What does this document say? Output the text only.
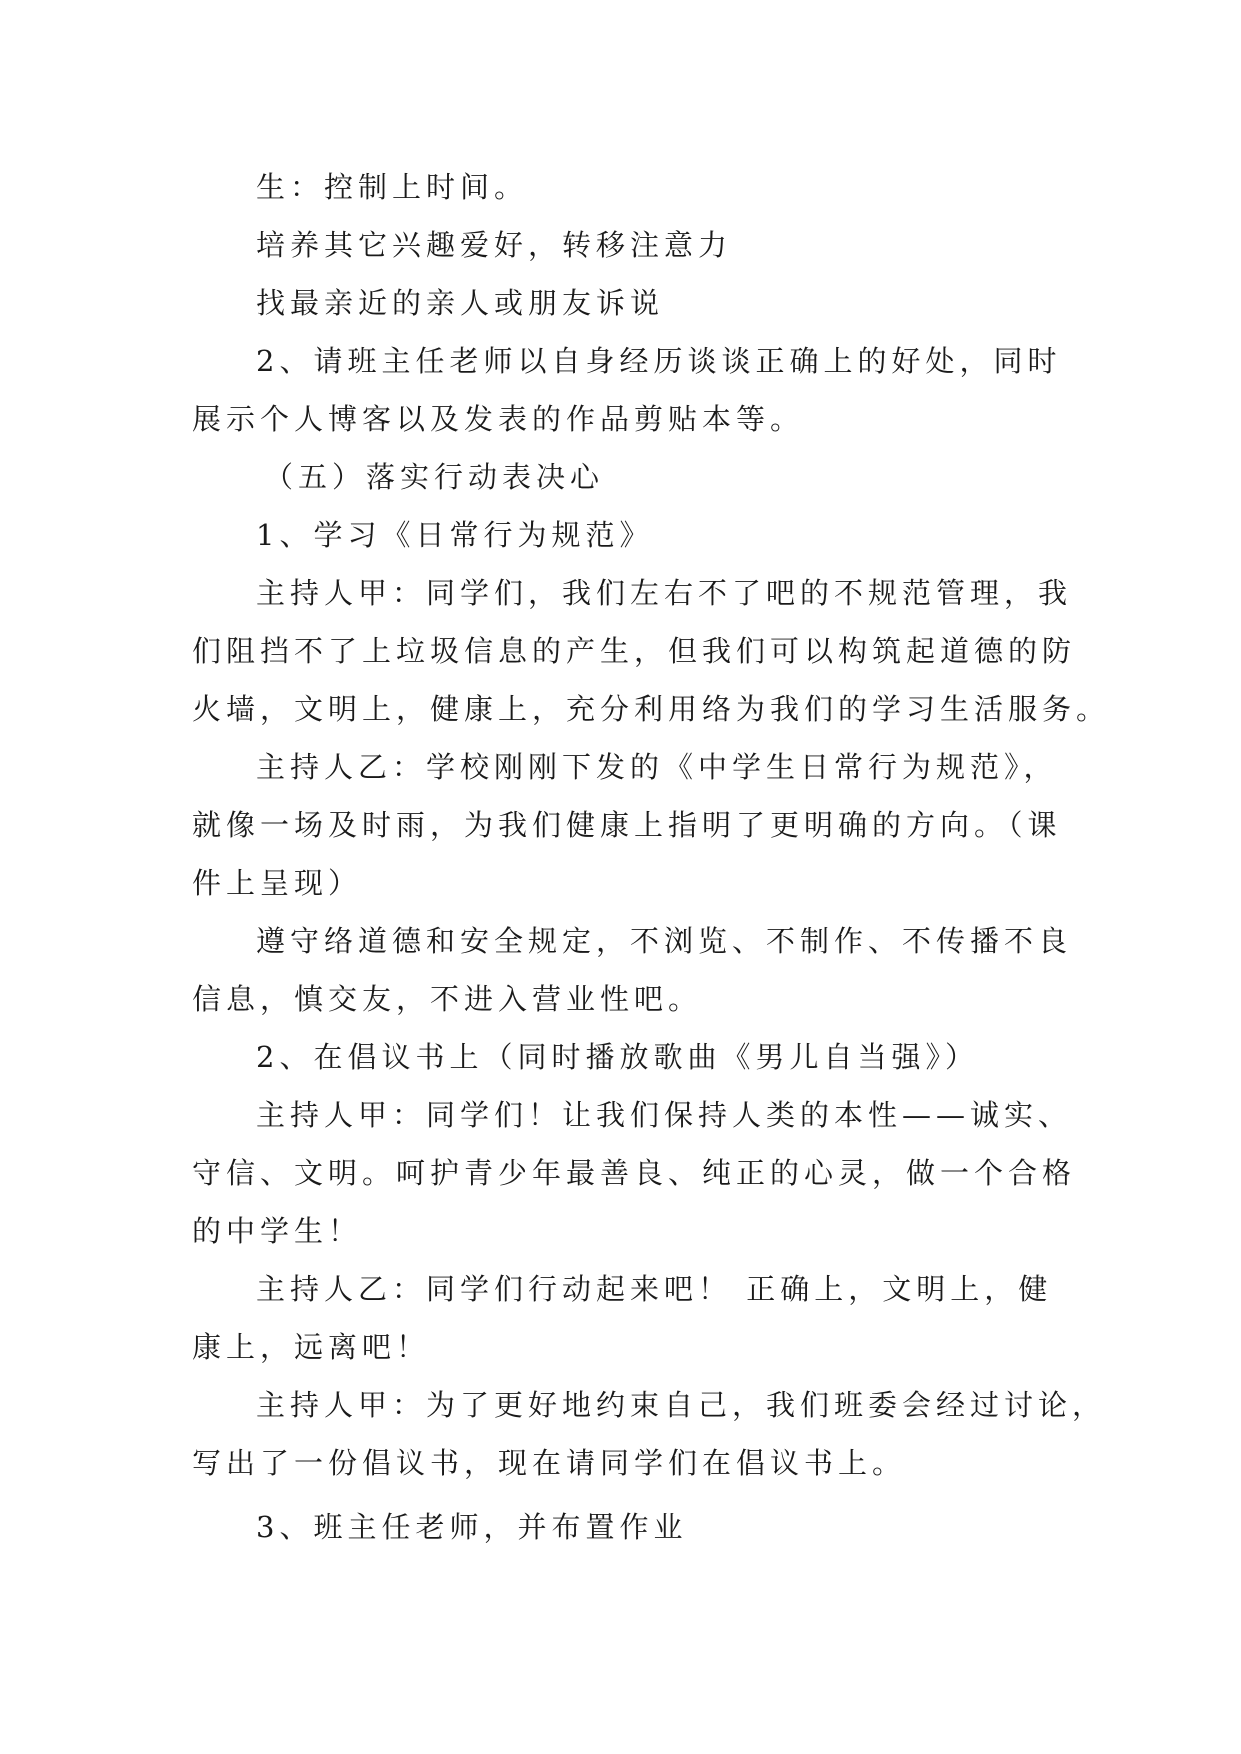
生：控制上时间。
培养其它兴趣爱好，转移注意力
找最亲近的亲人或朋友诉说
2、请班主任老师以自身经历谈谈正确上的好处，同时
展示个人博客以及发表的作品剪贴本等。
（五）落实行动表决心
1、学习《日常行为规范》
主持人甲：同学们，我们左右不了吧的不规范管理，我
们阻挡不了上垃圾信息的产生，但我们可以构筑起道德的防
火墙，文明上，健康上，充分利用络为我们的学习生活服务。
主持人乙：学校刚刚下发的《中学生日常行为规范》，
就像一场及时雨，为我们健康上指明了更明确的方向。（课
件上呈现）
遵守络道德和安全规定，不浏览、不制作、不传播不良
信息，慎交友，不进入营业性吧。
2、在倡议书上（同时播放歌曲《男儿自当强》）
主持人甲：同学们！让我们保持人类的本性——诚实、
守信、文明。呵护青少年最善良、纯正的心灵，做一个合格
的中学生！
主持人乙：同学们行动起来吧！ 正确上，文明上，健
康上，远离吧！
主持人甲：为了更好地约束自己，我们班委会经过讨论，
写出了一份倡议书，现在请同学们在倡议书上。
3、班主任老师，并布置作业
